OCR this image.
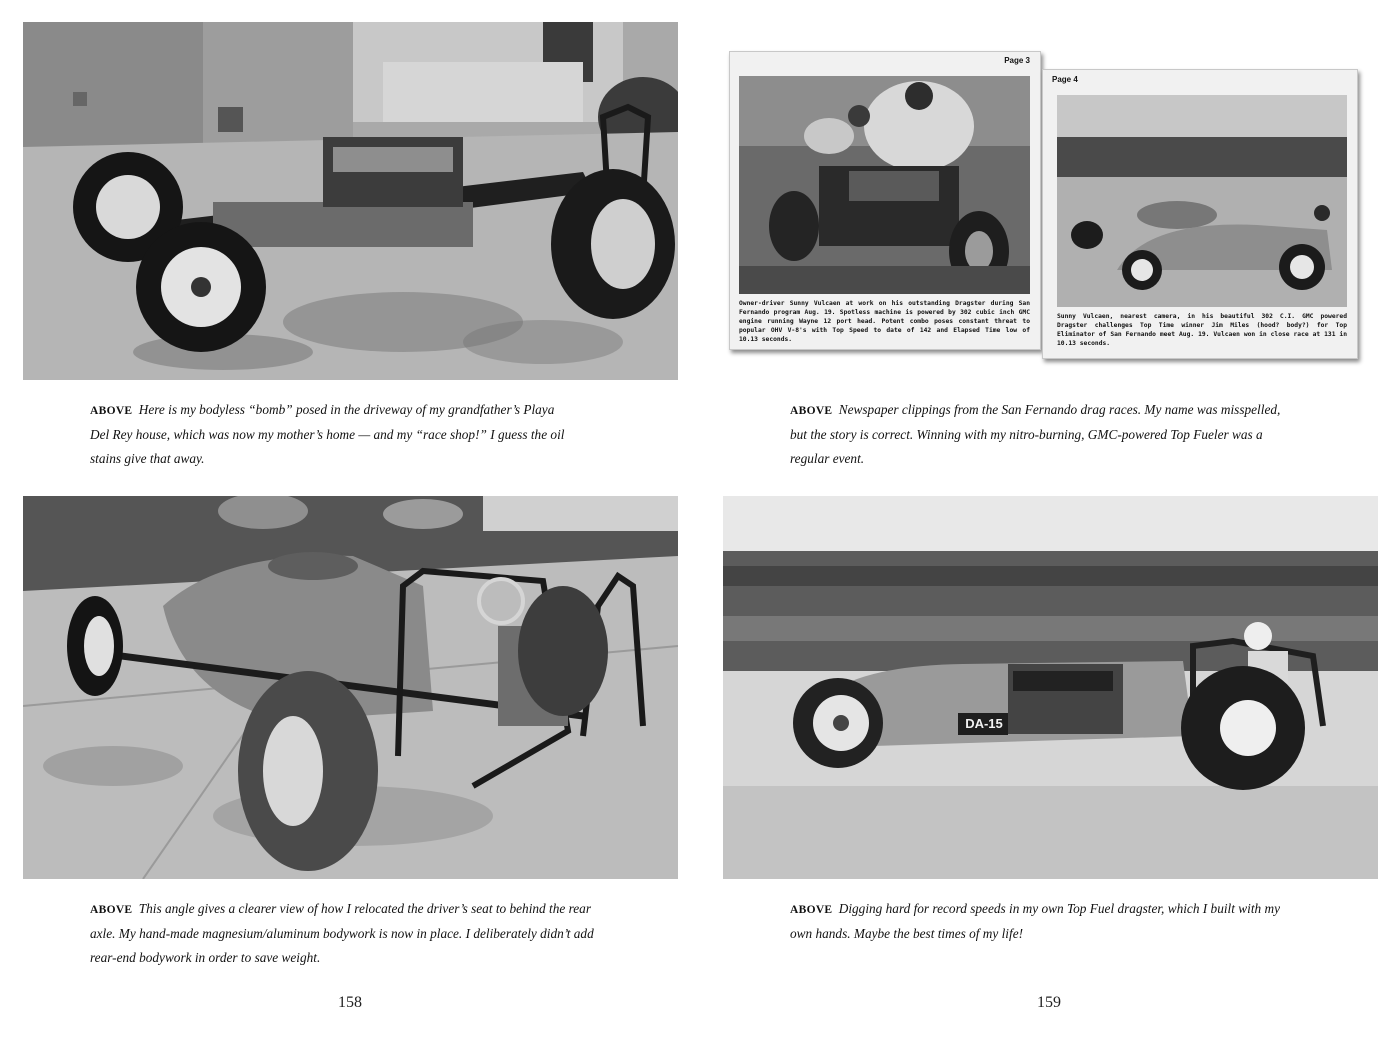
ABOVE Here is my bodyless “bomb” posed in the driveway of my grandfather’s Playa Del Rey house, which was now my mother’s home — and my “race shop!” I guess the oil stains give that away.

ABOVE This angle gives a clearer view of how I relocated the driver’s seat to behind the rear axle. My hand-made magnesium/aluminum bodywork is now in place. I deliberately didn’t add rear-end bodywork in order to save weight.

158
Page 3
Owner-driver Sunny Vulcaen at work on his outstanding Dragster during San Fernando program Aug. 19. Spotless machine is powered by 302 cubic inch GMC engine running Wayne 12 port head. Potent combo poses constant threat to popular OHV V-8's with Top Speed to date of 142 and Elapsed Time low of 10.13 seconds.
Page 4
Sunny Vulcaen, nearest camera, in his beautiful 302 C.I. GMC powered Dragster challenges Top Time winner Jim Miles (hood? body?) for Top Eliminator of San Fernando meet Aug. 19. Vulcaen won in close race at 131 in 10.13 seconds.

ABOVE Newspaper clippings from the San Fernando drag races. My name was misspelled, but the story is correct. Winning with my nitro-burning, GMC-powered Top Fueler was a regular event.

DA-15

ABOVE Digging hard for record speeds in my own Top Fuel dragster, which I built with my own hands. Maybe the best times of my life!

159
